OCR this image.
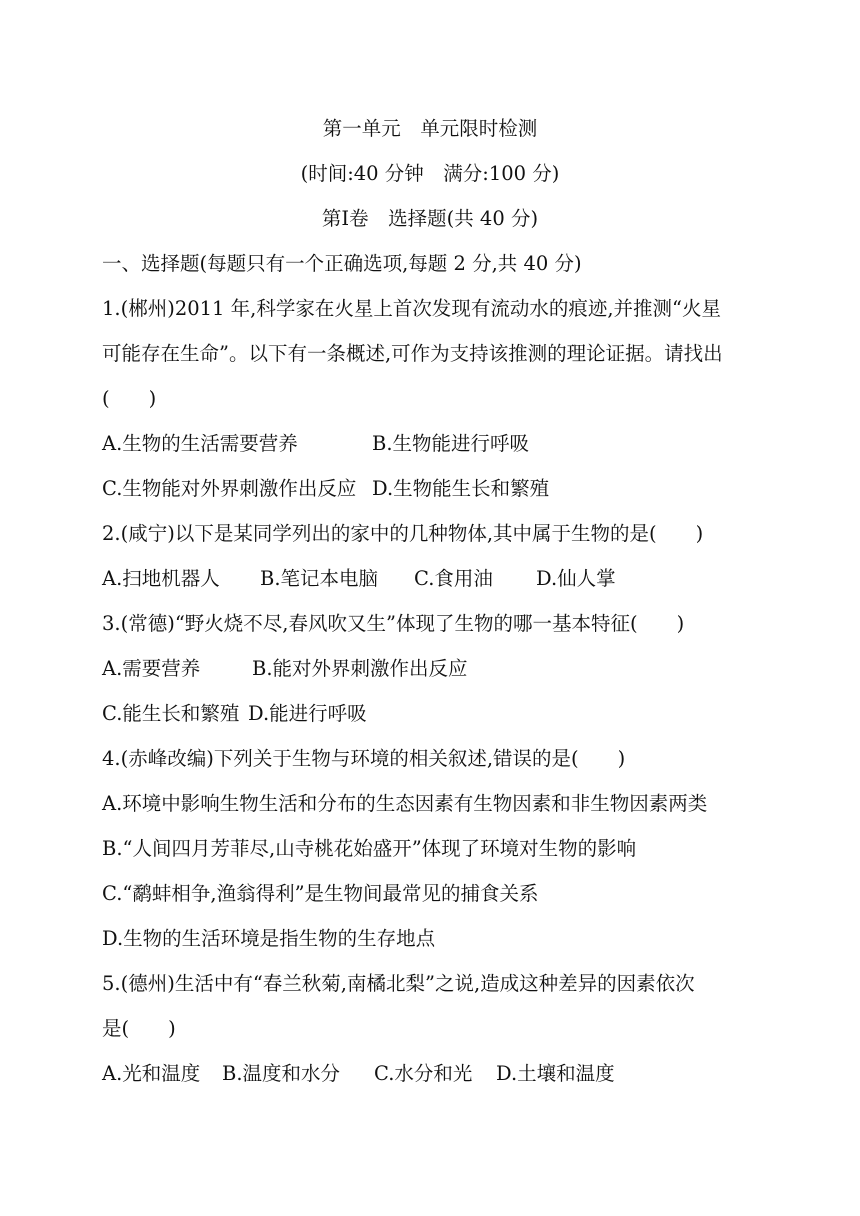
第一单元　单元限时检测
(时间:40 分钟　满分:100 分)
第Ⅰ卷　选择题(共 40 分)
一、选择题(每题只有一个正确选项,每题 2 分,共 40 分)
1.(郴州)2011 年,科学家在火星上首次发现有流动水的痕迹,并推测“火星
可能存在生命”。以下有一条概述,可作为支持该推测的理论证据。请找出
(　　)
A.生物的生活需要营养	B.生物能进行呼吸
C.生物能对外界刺激作出反应 D.生物能生长和繁殖
2.(咸宁)以下是某同学列出的家中的几种物体,其中属于生物的是(　　)
A.扫地机器人 B.笔记本电脑 C.食用油 D.仙人掌
3.(常德)“野火烧不尽,春风吹又生”体现了生物的哪一基本特征(　　)
A.需要营养	B.能对外界刺激作出反应
C.能生长和繁殖 D.能进行呼吸
4.(赤峰改编)下列关于生物与环境的相关叙述,错误的是(　　)
A.环境中影响生物生活和分布的生态因素有生物因素和非生物因素两类
B.“人间四月芳菲尽,山寺桃花始盛开”体现了环境对生物的影响
C.“鹬蚌相争,渔翁得利”是生物间最常见的捕食关系
D.生物的生活环境是指生物的生存地点
5.(德州)生活中有“春兰秋菊,南橘北梨”之说,造成这种差异的因素依次
是(　　)
A.光和温度 B.温度和水分 C.水分和光 D.土壤和温度
